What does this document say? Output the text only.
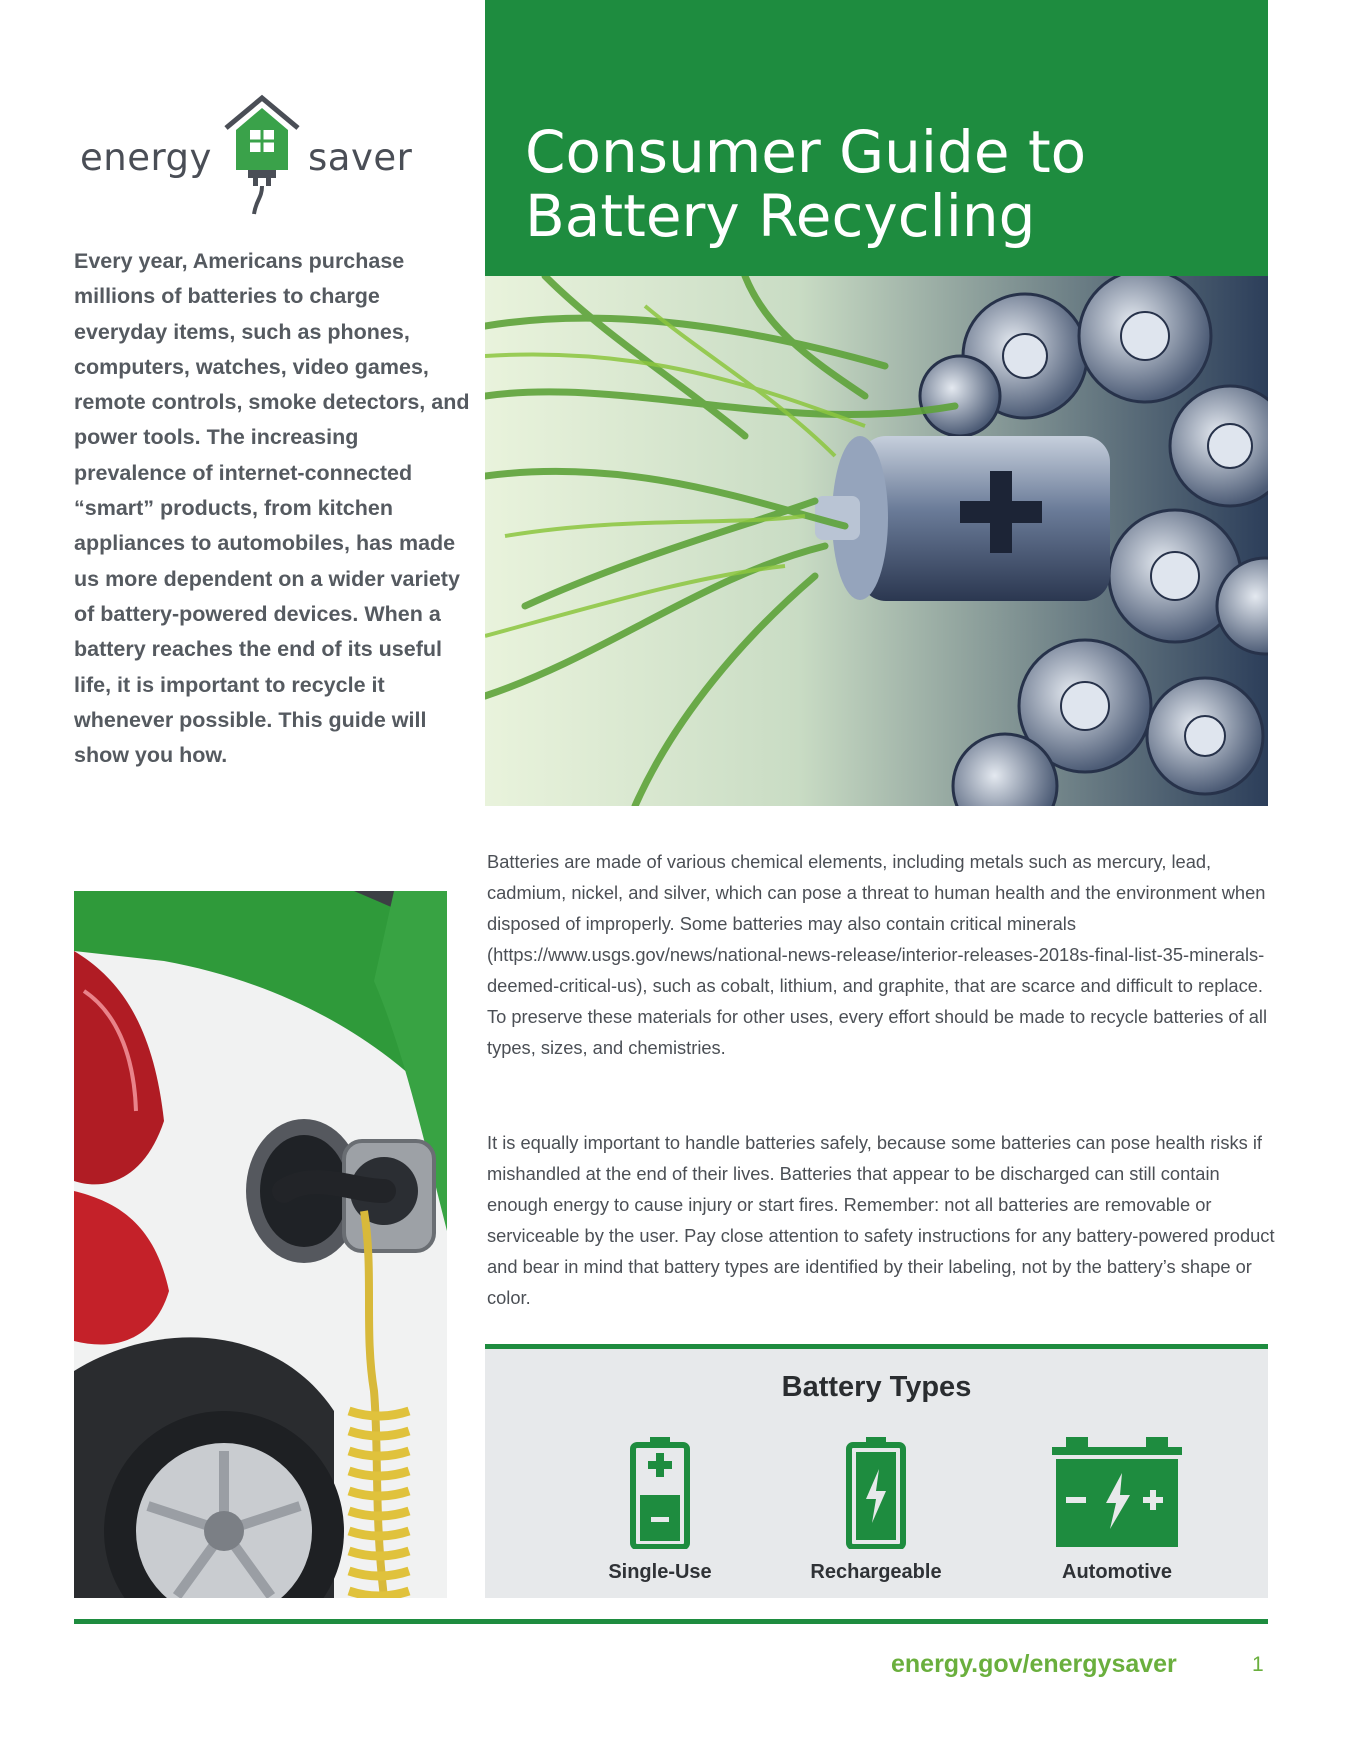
energy	saver

Every year, Americans purchase millions of batteries to charge everyday items, such as phones, computers, watches, video games, remote controls, smoke detectors, and power tools. The increasing prevalence of internet-connected “smart” products, from kitchen appliances to automobiles, has made us more dependent on a wider variety of battery-powered devices. When a battery reaches the end of its useful life, it is important to recycle it whenever possible. This guide will show you how.

Consumer Guide to
Battery Recycling

Batteries are made of various chemical elements, including metals such as mercury, lead, cadmium, nickel, and silver, which can pose a threat to human health and the environment when disposed of improperly. Some batteries may also contain critical minerals (https://www.usgs.gov/news/national-news-release/interior-releases-2018s-final-list-35-minerals-deemed-critical-us), such as cobalt, lithium, and graphite, that are scarce and difficult to replace. To preserve these materials for other uses, every effort should be made to recycle batteries of all types, sizes, and chemistries.

It is equally important to handle batteries safely, because some batteries can pose health risks if mishandled at the end of their lives. Batteries that appear to be discharged can still contain enough energy to cause injury or start fires. Remember: not all batteries are removable or serviceable by the user. Pay close attention to safety instructions for any battery-powered product and bear in mind that battery types are identified by their labeling, not by the battery’s shape or color.

Battery Types
Single-Use	Rechargeable	Automotive
energy.gov/energysaver	1
